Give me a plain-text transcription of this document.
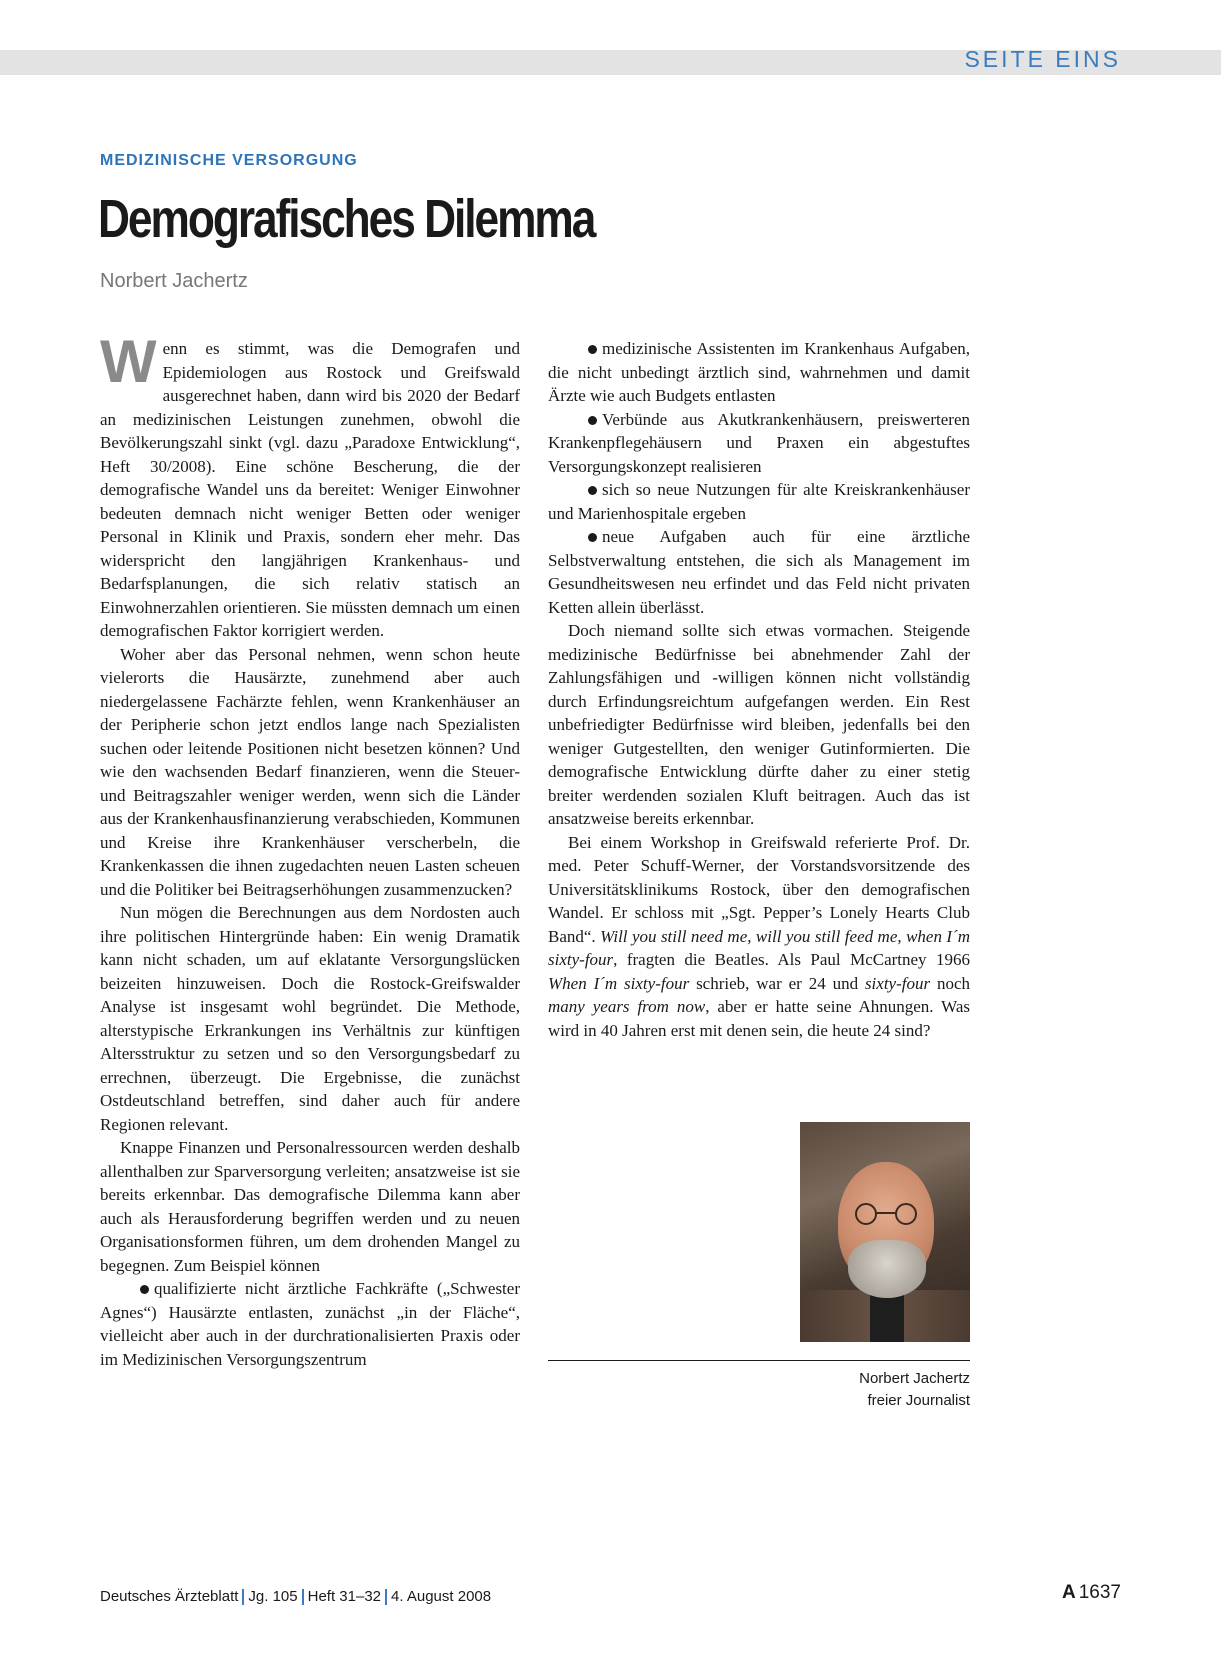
SEITE EINS
MEDIZINISCHE VERSORGUNG
Demografisches Dilemma
Norbert Jachertz

Wenn es stimmt, was die Demografen und Epidemiologen aus Rostock und Greifswald ausgerechnet haben, dann wird bis 2020 der Bedarf an medizinischen Leistungen zunehmen, obwohl die Bevölkerungszahl sinkt (vgl. dazu „Paradoxe Entwicklung“, Heft 30/2008). Eine schöne Bescherung, die der demografische Wandel uns da bereitet: Weniger Einwohner bedeuten demnach nicht weniger Betten oder weniger Personal in Klinik und Praxis, sondern eher mehr. Das widerspricht den langjährigen Krankenhaus- und Bedarfsplanungen, die sich relativ statisch an Einwohnerzahlen orientieren. Sie müssten demnach um einen demografischen Faktor korrigiert werden.

Woher aber das Personal nehmen, wenn schon heute vielerorts die Hausärzte, zunehmend aber auch niedergelassene Fachärzte fehlen, wenn Krankenhäuser an der Peripherie schon jetzt endlos lange nach Spezialisten suchen oder leitende Positionen nicht besetzen können? Und wie den wachsenden Bedarf finanzieren, wenn die Steuer- und Beitragszahler weniger werden, wenn sich die Länder aus der Krankenhausfinanzierung verabschieden, Kommunen und Kreise ihre Krankenhäuser verscherbeln, die Krankenkassen die ihnen zugedachten neuen Lasten scheuen und die Politiker bei Beitragserhöhungen zusammenzucken?

Nun mögen die Berechnungen aus dem Nordosten auch ihre politischen Hintergründe haben: Ein wenig Dramatik kann nicht schaden, um auf eklatante Versorgungslücken beizeiten hinzuweisen. Doch die Rostock-Greifswalder Analyse ist insgesamt wohl begründet. Die Methode, alterstypische Erkrankungen ins Verhältnis zur künftigen Altersstruktur zu setzen und so den Versorgungsbedarf zu errechnen, überzeugt. Die Ergebnisse, die zunächst Ostdeutschland betreffen, sind daher auch für andere Regionen relevant.

Knappe Finanzen und Personalressourcen werden deshalb allenthalben zur Sparversorgung verleiten; ansatzweise ist sie bereits erkennbar. Das demografische Dilemma kann aber auch als Herausforderung begriffen werden und zu neuen Organisationsformen führen, um dem drohenden Mangel zu begegnen. Zum Beispiel können

qualifizierte nicht ärztliche Fachkräfte („Schwester Agnes“) Hausärzte entlasten, zunächst „in der Fläche“, vielleicht aber auch in der durchrationalisierten Praxis oder im Medizinischen Versorgungszentrum

medizinische Assistenten im Krankenhaus Aufgaben, die nicht unbedingt ärztlich sind, wahrnehmen und damit Ärzte wie auch Budgets entlasten

Verbünde aus Akutkrankenhäusern, preiswerteren Krankenpflegehäusern und Praxen ein abgestuftes Versorgungskonzept realisieren

sich so neue Nutzungen für alte Kreiskrankenhäuser und Marienhospitale ergeben

neue Aufgaben auch für eine ärztliche Selbstverwaltung entstehen, die sich als Management im Gesundheitswesen neu erfindet und das Feld nicht privaten Ketten allein überlässt.

Doch niemand sollte sich etwas vormachen. Steigende medizinische Bedürfnisse bei abnehmender Zahl der Zahlungsfähigen und -willigen können nicht vollständig durch Erfindungsreichtum aufgefangen werden. Ein Rest unbefriedigter Bedürfnisse wird bleiben, jedenfalls bei den weniger Gutgestellten, den weniger Gutinformierten. Die demografische Entwicklung dürfte daher zu einer stetig breiter werdenden sozialen Kluft beitragen. Auch das ist ansatzweise bereits erkennbar.

Bei einem Workshop in Greifswald referierte Prof. Dr. med. Peter Schuff-Werner, der Vorstandsvorsitzende des Universitätsklinikums Rostock, über den demografischen Wandel. Er schloss mit „Sgt. Pepper’s Lonely Hearts Club Band“. Will you still need me, will you still feed me, when I´m sixty-four, fragten die Beatles. Als Paul McCartney 1966 When I´m sixty-four schrieb, war er 24 und sixty-four noch many years from now, aber er hatte seine Ahnungen. Was wird in 40 Jahren erst mit denen sein, die heute 24 sind?

Norbert Jachertz
freier Journalist
Deutsches Ärzteblatt Jg. 105 Heft 31–32 4. August 2008	A 1637
